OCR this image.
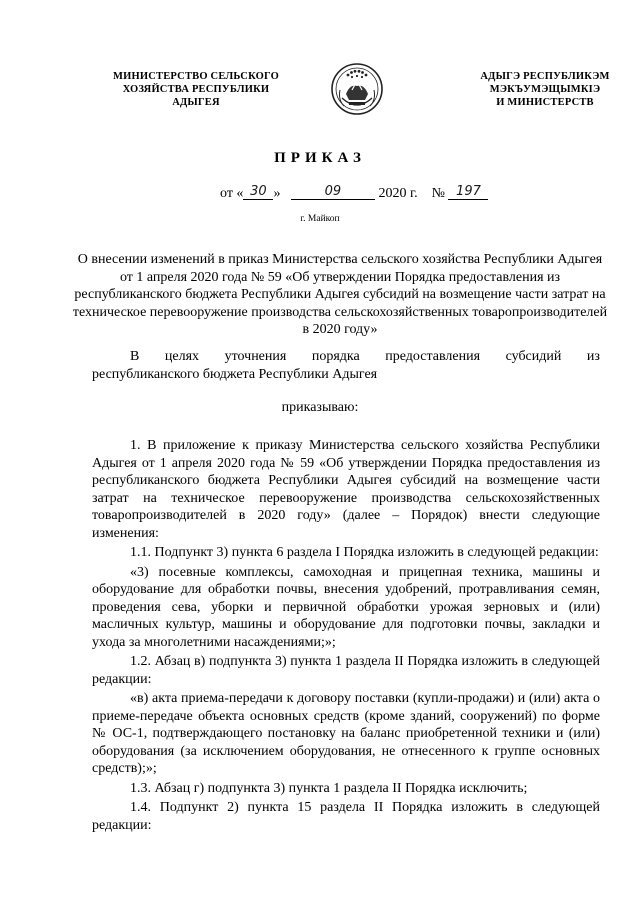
МИНИСТЕРСТВО СЕЛЬСКОГО
ХОЗЯЙСТВА РЕСПУБЛИКИ
АДЫГЕЯ
АДЫГЭ РЕСПУБЛИКЭМ
МЭКЪУМЭЩЫМКIЭ
И МИНИСТЕРСТВ
ПРИКАЗ
от « 30 »	09	2020 г. № 197
г. Майкоп
О внесении изменений в приказ Министерства сельского хозяйства Республики Адыгея от 1 апреля 2020 года № 59 «Об утверждении Порядка предоставления из республиканского бюджета Республики Адыгея субсидий на возмещение части затрат на техническое перевооружение производства сельскохозяйственных товаропроизводителей в 2020 году»
В целях уточнения порядка предоставления субсидий из
республиканского бюджета Республики Адыгея
приказываю:

1. В приложение к приказу Министерства сельского хозяйства Республики Адыгея от 1 апреля 2020 года № 59 «Об утверждении Порядка предоставления из республиканского бюджета Республики Адыгея субсидий на возмещение части затрат на техническое перевооружение производства сельскохозяйственных товаропроизводителей в 2020 году» (далее – Порядок) внести следующие изменения:

1.1. Подпункт 3) пункта 6 раздела I Порядка изложить в следующей редакции:

«3) посевные комплексы, самоходная и прицепная техника, машины и оборудование для обработки почвы, внесения удобрений, протравливания семян, проведения сева, уборки и первичной обработки урожая зерновых и (или) масличных культур, машины и оборудование для подготовки почвы, закладки и ухода за многолетними насаждениями;»;

1.2. Абзац в) подпункта 3) пункта 1 раздела II Порядка изложить в следующей редакции:

«в) акта приема-передачи к договору поставки (купли-продажи) и (или) акта о приеме-передаче объекта основных средств (кроме зданий, сооружений) по форме № ОС-1, подтверждающего постановку на баланс приобретенной техники и (или) оборудования (за исключением оборудования, не отнесенного к группе основных средств);»;

1.3. Абзац г) подпункта 3) пункта 1 раздела II Порядка исключить;

1.4. Подпункт 2) пункта 15 раздела II Порядка изложить в следующей редакции:
